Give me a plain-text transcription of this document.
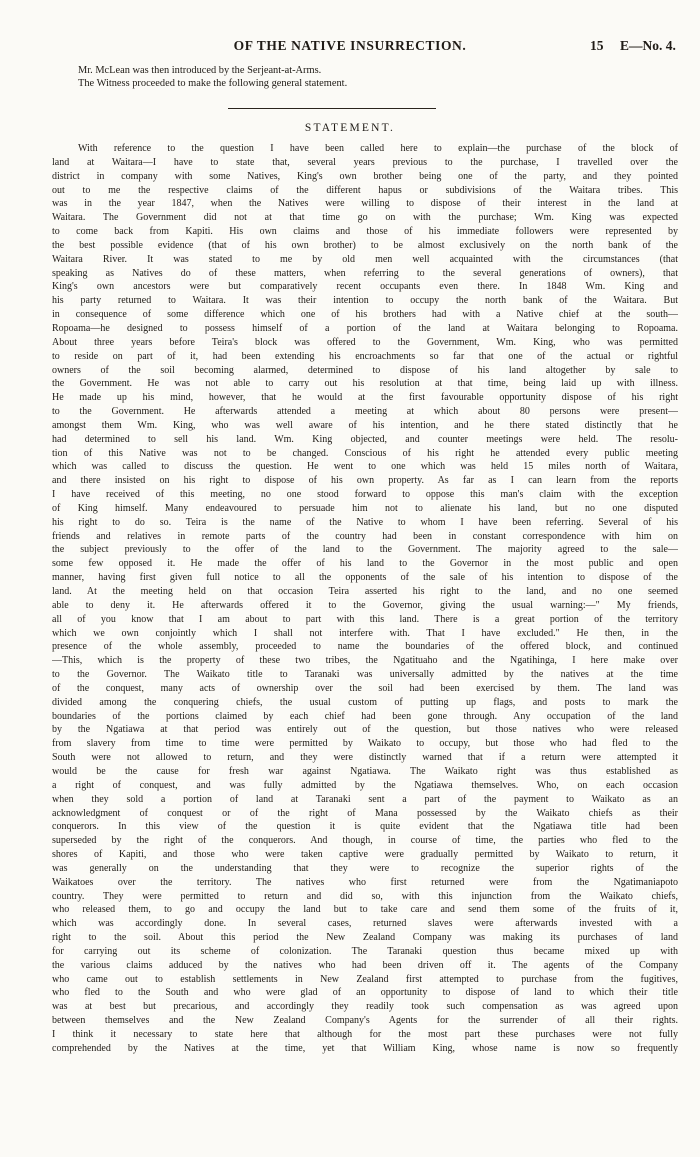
OF THE NATIVE INSURRECTION.	15 E—No. 4.
Mr. McLean was then introduced by the Serjeant-at-Arms.
The Witness proceeded to make the following general statement.
STATEMENT.

With reference to the question I have been called here to explain—the purchase of the block of
land at Waitara—I have to state that, several years previous to the purchase, I travelled over the
district in company with some Natives, King's own brother being one of the party, and they pointed
out to me the respective claims of the different hapus or subdivisions of the Waitara tribes. This
was in the year 1847, when the Natives were willing to dispose of their interest in the land at
Waitara. The Government did not at that time go on with the purchase; Wm. King was expected
to come back from Kapiti. His own claims and those of his immediate followers were represented by
the best possible evidence (that of his own brother) to be almost exclusively on the north bank of the
Waitara River. It was stated to me by old men well acquainted with the circumstances (that
speaking as Natives do of these matters, when referring to the several generations of owners), that
King's own ancestors were but comparatively recent occupants even there. In 1848 Wm. King and
his party returned to Waitara. It was their intention to occupy the north bank of the Waitara. But
in consequence of some difference which one of his brothers had with a Native chief at the south—
Ropoama—he designed to possess himself of a portion of the land at Waitara belonging to Ropoama.
About three years before Teira's block was offered to the Government, Wm. King, who was permitted
to reside on part of it, had been extending his encroachments so far that one of the actual or rightful
owners of the soil becoming alarmed, determined to dispose of his land altogether by sale to
the Government. He was not able to carry out his resolution at that time, being laid up with illness.
He made up his mind, however, that he would at the first favourable opportunity dispose of his right
to the Government. He afterwards attended a meeting at which about 80 persons were present—
amongst them Wm. King, who was well aware of his intention, and he there stated distinctly that he
had determined to sell his land. Wm. King objected, and counter meetings were held. The resolu-
tion of this Native was not to be changed. Conscious of his right he attended every public meeting
which was called to discuss the question. He went to one which was held 15 miles north of Waitara,
and there insisted on his right to dispose of his own property. As far as I can learn from the reports
I have received of this meeting, no one stood forward to oppose this man's claim with the exception
of King himself. Many endeavoured to persuade him not to alienate his land, but no one disputed
his right to do so. Teira is the name of the Native to whom I have been referring. Several of his
friends and relatives in remote parts of the country had been in constant correspondence with him on
the subject previously to the offer of the land to the Government. The majority agreed to the sale—
some few opposed it. He made the offer of his land to the Governor in the most public and open
manner, having first given full notice to all the opponents of the sale of his intention to dispose of the
land. At the meeting held on that occasion Teira asserted his right to the land, and no one seemed
able to deny it. He afterwards offered it to the Governor, giving the usual warning:—" My friends,
all of you know that I am about to part with this land. There is a great portion of the territory
which we own conjointly which I shall not interfere with. That I have excluded." He then, in the
presence of the whole assembly, proceeded to name the boundaries of the offered block, and continued
—This, which is the property of these two tribes, the Ngatituaho and the Ngatihinga, I here make over
to the Governor. The Waikato title to Taranaki was universally admitted by the natives at the time
of the conquest, many acts of ownership over the soil had been exercised by them. The land was
divided among the conquering chiefs, the usual custom of putting up flags, and posts to mark the
boundaries of the portions claimed by each chief had been gone through. Any occupation of the land
by the Ngatiawa at that period was entirely out of the question, but those natives who were released
from slavery from time to time were permitted by Waikato to occupy, but those who had fled to the
South were not allowed to return, and they were distinctly warned that if a return were attempted it
would be the cause for fresh war against Ngatiawa. The Waikato right was thus established as
a right of conquest, and was fully admitted by the Ngatiawa themselves. Who, on each occasion
when they sold a portion of land at Taranaki sent a part of the payment to Waikato as an
acknowledgment of conquest or of the right of Mana possessed by the Waikato chiefs as their
conquerors. In this view of the question it is quite evident that the Ngatiawa title had been
superseded by the right of the conquerors. And though, in course of time, the parties who fled to the
shores of Kapiti, and those who were taken captive were gradually permitted by Waikato to return, it
was generally on the understanding that they were to recognize the superior rights of the
Waikatoes over the territory. The natives who first returned were from the Ngatimaniapoto
country. They were permitted to return and did so, with this injunction from the Waikato chiefs,
who released them, to go and occupy the land but to take care and send them some of the fruits of it,
which was accordingly done. In several cases, returned slaves were afterwards invested with a
right to the soil. About this period the New Zealand Company was making its purchases of land
for carrying out its scheme of colonization. The Taranaki question thus became mixed up with
the various claims adduced by the natives who had been driven off it. The agents of the Company
who came out to establish settlements in New Zealand first attempted to purchase from the fugitives,
who fled to the South and who were glad of an opportunity to dispose of land to which their title
was at best but precarious, and accordingly they readily took such compensation as was agreed upon
between themselves and the New Zealand Company's Agents for the surrender of all their rights.
I think it necessary to state here that although for the most part these purchases were not fully
comprehended by the Natives at the time, yet that William King, whose name is now so frequently
